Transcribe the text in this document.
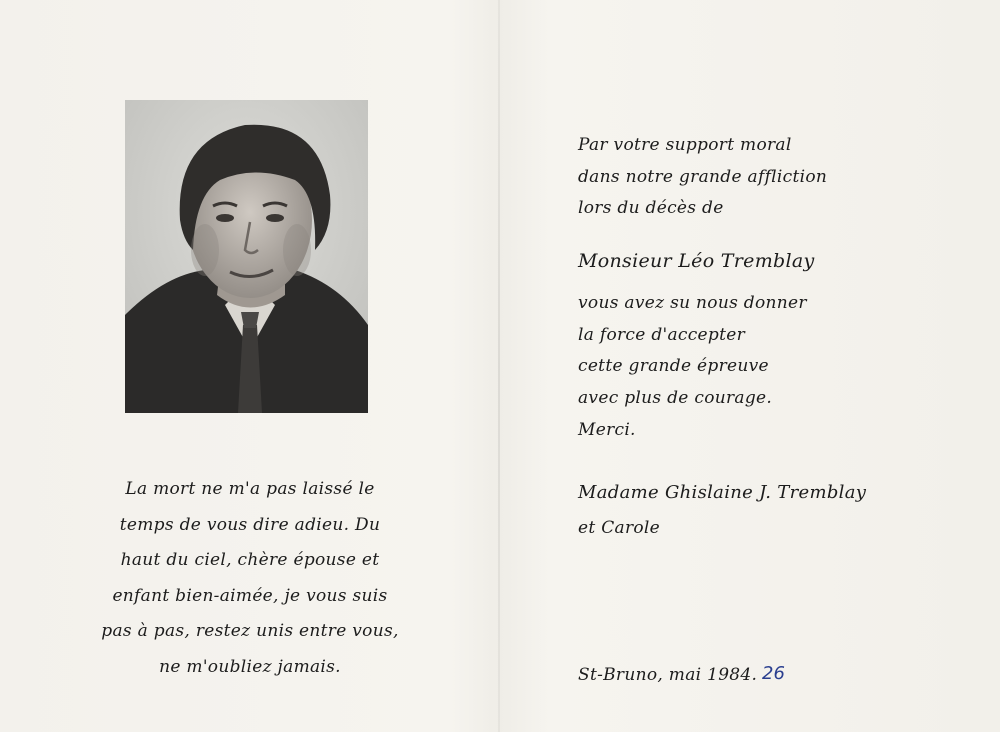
La mort ne m'a pas laissé le
temps de vous dire adieu. Du
haut du ciel, chère épouse et
enfant bien-aimée, je vous suis
pas à pas, restez unis entre vous,
ne m'oubliez jamais.
Par votre support moral
dans notre grande affliction
lors du décès de
Monsieur Léo Tremblay
vous avez su nous donner
la force d'accepter
cette grande épreuve
avec plus de courage.
Merci.
Madame Ghislaine J. Tremblay
et Carole
St-Bruno, mai 1984. 26
